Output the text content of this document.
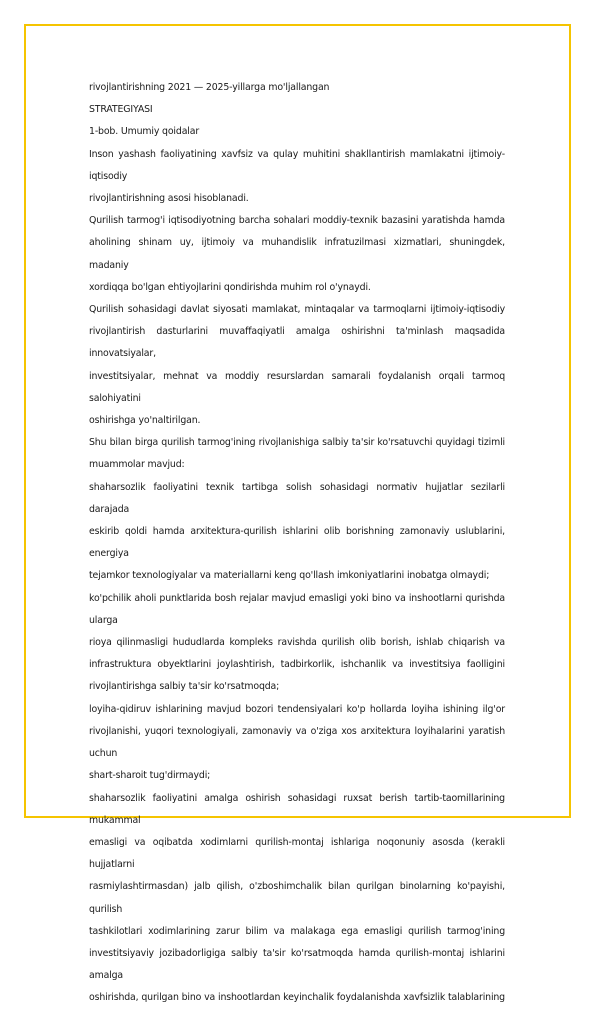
rivojlantirishning 2021 — 2025-yillarga mo'ljallangan

STRATEGIYASI

1-bob. Umumiy qoidalar

Inson yashash faoliyatining xavfsiz va qulay muhitini shakllantirish mamlakatni ijtimoiy-iqtisodiy

rivojlantirishning asosi hisoblanadi.

Qurilish tarmog'i iqtisodiyotning barcha sohalari moddiy-texnik bazasini yaratishda hamda

aholining shinam uy, ijtimoiy va muhandislik infratuzilmasi xizmatlari, shuningdek, madaniy

xordiqqa bo'lgan ehtiyojlarini qondirishda muhim rol o'ynaydi.

Qurilish sohasidagi davlat siyosati mamlakat, mintaqalar va tarmoqlarni ijtimoiy-iqtisodiy

rivojlantirish dasturlarini muvaffaqiyatli amalga oshirishni ta'minlash maqsadida innovatsiyalar,

investitsiyalar, mehnat va moddiy resurslardan samarali foydalanish orqali tarmoq salohiyatini

oshirishga yo'naltirilgan.

Shu bilan birga qurilish tarmog'ining rivojlanishiga salbiy ta'sir ko'rsatuvchi quyidagi tizimli

muammolar mavjud:

shaharsozlik faoliyatini texnik tartibga solish sohasidagi normativ hujjatlar sezilarli darajada

eskirib qoldi hamda arxitektura-qurilish ishlarini olib borishning zamonaviy uslublarini, energiya

tejamkor texnologiyalar va materiallarni keng qo'llash imkoniyatlarini inobatga olmaydi;

ko'pchilik aholi punktlarida bosh rejalar mavjud emasligi yoki bino va inshootlarni qurishda ularga

rioya qilinmasligi hududlarda kompleks ravishda qurilish olib borish, ishlab chiqarish va

infrastruktura obyektlarini joylashtirish, tadbirkorlik, ishchanlik va investitsiya faolligini

rivojlantirishga salbiy ta'sir ko'rsatmoqda;

loyiha-qidiruv ishlarining mavjud bozori tendensiyalari ko'p hollarda loyiha ishining ilg'or

rivojlanishi, yuqori texnologiyali, zamonaviy va o'ziga xos arxitektura loyihalarini yaratish uchun

shart-sharoit tug'dirmaydi;

shaharsozlik faoliyatini amalga oshirish sohasidagi ruxsat berish tartib-taomillarining mukammal

emasligi va oqibatda xodimlarni qurilish-montaj ishlariga noqonuniy asosda (kerakli hujjatlarni

rasmiylashtirmasdan) jalb qilish, o'zboshimchalik bilan qurilgan binolarning ko'payishi, qurilish

tashkilotlari xodimlarining zarur bilim va malakaga ega emasligi qurilish tarmog'ining

investitsiyaviy jozibadorligiga salbiy ta'sir ko'rsatmoqda hamda qurilish-montaj ishlarini amalga

oshirishda, qurilgan bino va inshootlardan keyinchalik foydalanishda xavfsizlik talablarining
